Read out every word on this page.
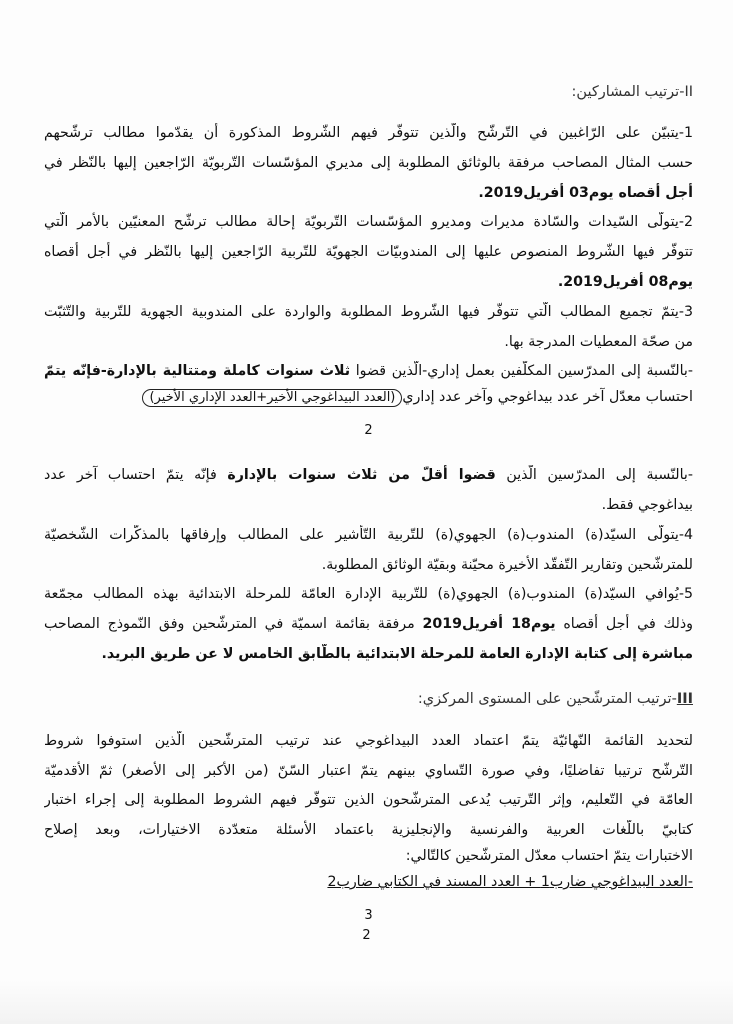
II-ترتيب المشاركين:

1-يتبيّن على الرّاغبين في التّرشّح والّذين تتوفّر فيهم الشّروط المذكورة أن يقدّموا مطالب ترشّحهم

حسب المثال المصاحب مرفقة بالوثائق المطلوبة إلى مديري المؤسّسات التّربويّة الرّاجعين إليها بالنّظر في

أجل أقصاه يوم03 أفريل2019.

2-يتولّى السّيدات والسّادة مديرات ومديرو المؤسّسات التّربويّة إحالة مطالب ترشّح المعنيّين بالأمر الّتي

تتوفّر فيها الشّروط المنصوص عليها إلى المندوبيّات الجهويّة للتّربية الرّاجعين إليها بالنّظر في أجل أقصاه

يوم08 أفريل2019.

3-يتمّ تجميع المطالب الّتي تتوفّر فيها الشّروط المطلوبة والواردة على المندوبية الجهوية للتّربية والتّثبّت

من صحّة المعطيات المدرجة بها.

-بالنّسبة إلى المدرّسين المكلّفين بعمل إداري-الّذين قضوا ثلاث سنوات كاملة ومتتالية بالإدارة-فإنّه يتمّ

احتساب معدّل آخر عدد بيداغوجي وآخر عدد إداري(العدد البيداغوجي الأخير+العدد الإداري الأخير)

2

-بالنّسبة إلى المدرّسين الّذين قضوا أقلّ من ثلاث سنوات بالإدارة فإنّه يتمّ احتساب آخر عدد

بيداغوجي فقط.

4-يتولّى السيّد(ة) المندوب(ة) الجهوي(ة) للتّربية التّأشير على المطالب وإرفاقها بالمذكّرات الشّخصيّة

للمترشّحين وتقارير التّفقّد الأخيرة محيّنة وبقيّة الوثائق المطلوبة.

5-يُوافي السيّد(ة) المندوب(ة) الجهوي(ة) للتّربية الإدارة العامّة للمرحلة الابتدائية بهذه المطالب مجمّعة

وذلك في أجل أقصاه يوم18 أفريل2019 مرفقة بقائمة اسميّة في المترشّحين وفق النّموذج المصاحب

مباشرة إلى كتابة الإدارة العامة للمرحلة الابتدائية بالطّابق الخامس لا عن طريق البريد.

III-ترتيب المترشّحين على المستوى المركزي:

لتحديد القائمة النّهائيّة يتمّ اعتماد العدد البيداغوجي عند ترتيب المترشّحين الّذين استوفوا شروط

التّرشّح ترتيبا تفاضليًا، وفي صورة التّساوي بينهم يتمّ اعتبار السّنّ (من الأكبر إلى الأصغر) ثمّ الأقدميّة

العامّة في التّعليم، وإثر التّرتيب يُدعى المترشّحون الذين تتوفّر فيهم الشروط المطلوبة إلى إجراء اختبار

كتابيّ باللّغات العربية والفرنسية والإنجليزية باعتماد الأسئلة متعدّدة الاختيارات، وبعد إصلاح

الاختبارات يتمّ احتساب معدّل المترشّحين كالتّالي:

-العدد البيداغوجي ضارب1 + العدد المسند في الكتابي ضارب2

3

2
